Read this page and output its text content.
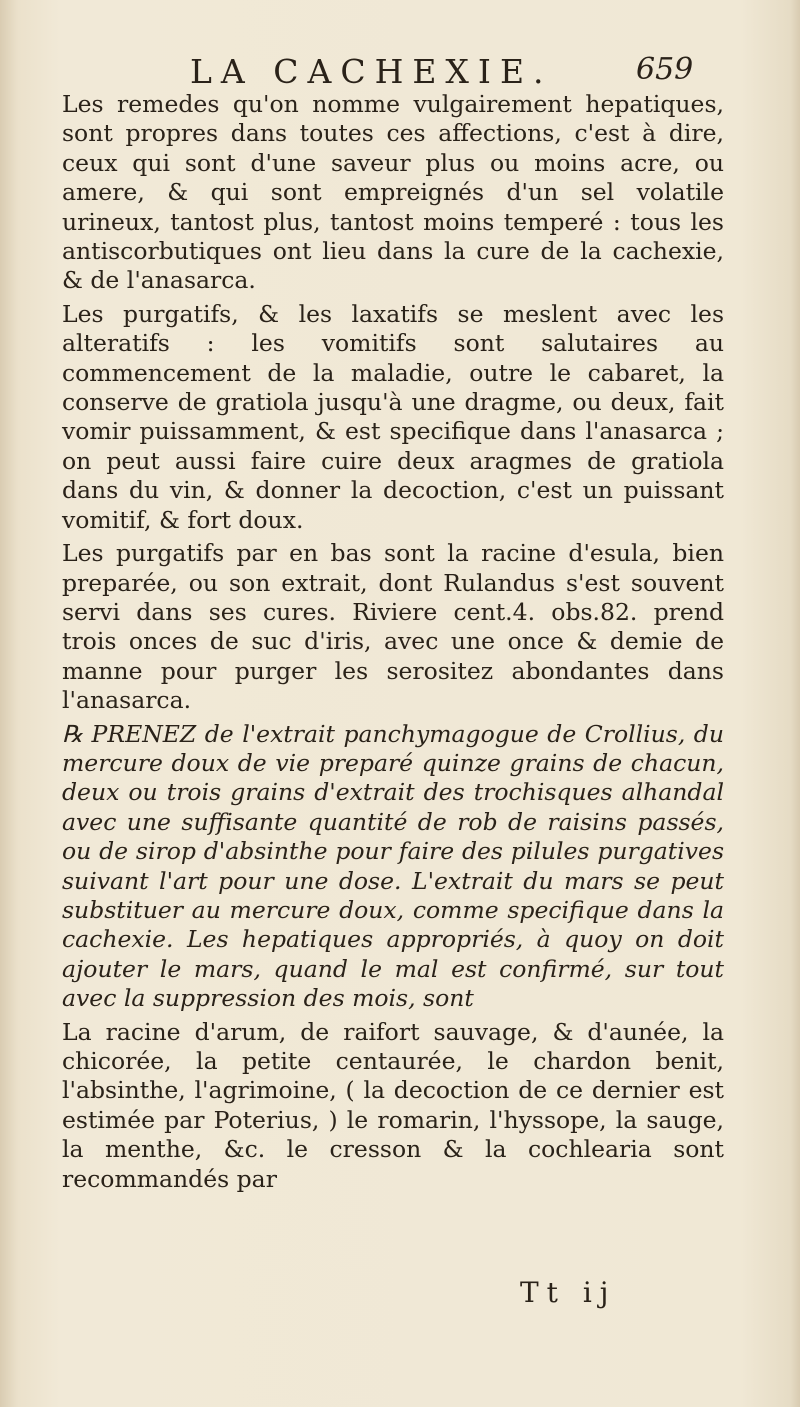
LA CACHEXIE.	659

Les remedes qu'on nomme vulgairement hepatiques, sont propres dans toutes ces affections, c'est à dire, ceux qui sont d'une saveur plus ou moins acre, ou amere, & qui sont empreignés d'un sel volatile urineux, tantost plus, tantost moins temperé : tous les antiscorbutiques ont lieu dans la cure de la cachexie, & de l'anasarca.

Les purgatifs, & les laxatifs se meslent avec les alteratifs : les vomitifs sont salutaires au commencement de la maladie, outre le cabaret, la conserve de gratiola jusqu'à une dragme, ou deux, fait vomir puissamment, & est specifique dans l'anasarca ; on peut aussi faire cuire deux aragmes de gratiola dans du vin, & donner la decoction, c'est un puissant vomitif, & fort doux.

Les purgatifs par en bas sont la racine d'esula, bien preparée, ou son extrait, dont Rulandus s'est souvent servi dans ses cures. Riviere cent.4. obs.82. prend trois onces de suc d'iris, avec une once & demie de manne pour purger les serositez abondantes dans l'anasarca.

℞ PRENEZ de l'extrait panchymagogue de Crollius, du mercure doux de vie preparé quinze grains de chacun, deux ou trois grains d'extrait des trochisques alhandal avec une suffisante quantité de rob de raisins passés, ou de sirop d'absinthe pour faire des pilules purgatives suivant l'art pour une dose. L'extrait du mars se peut substituer au mercure doux, comme specifique dans la cachexie. Les hepatiques appropriés, à quoy on doit ajouter le mars, quand le mal est confirmé, sur tout avec la suppression des mois, sont

La racine d'arum, de raifort sauvage, & d'aunée, la chicorée, la petite centaurée, le chardon benit, l'absinthe, l'agrimoine, ( la decoction de ce dernier est estimée par Poterius, ) le romarin, l'hyssope, la sauge, la menthe, &c. le cresson & la cochlearia sont recommandés par

Tt ij
